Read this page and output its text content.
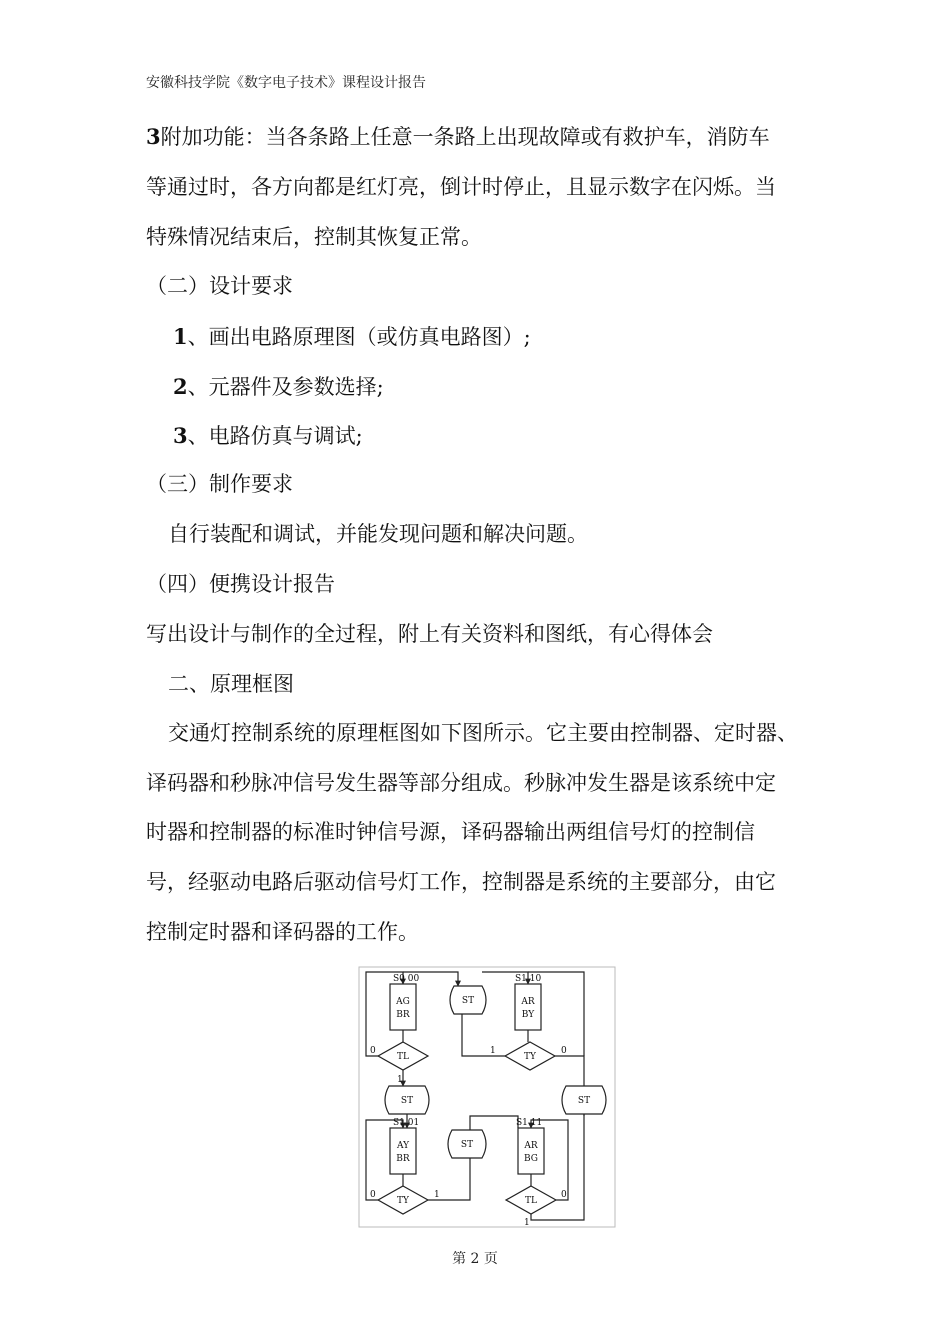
安徽科技学院《数字电子技术》课程设计报告
3附加功能：当各条路上任意一条路上出现故障或有救护车，消防车
等通过时，各方向都是红灯亮，倒计时停止，且显示数字在闪烁。当
特殊情况结束后，控制其恢复正常。
（二）设计要求
1、画出电路原理图（或仿真电路图）;
2、元器件及参数选择;
3、电路仿真与调试;
（三）制作要求
自行装配和调试，并能发现问题和解决问题。
（四）便携设计报告
写出设计与制作的全过程，附上有关资料和图纸，有心得体会
二、原理框图
交通灯控制系统的原理框图如下图所示。它主要由控制器、定时器、
译码器和秒脉冲信号发生器等部分组成。秒脉冲发生器是该系统中定
时器和控制器的标准时钟信号源，译码器输出两组信号灯的控制信
号，经驱动电路后驱动信号灯工作，控制器是系统的主要部分，由它
控制定时器和译码器的工作。
S0 00	S1 10
S1 01	S1 11
AG
BR
AR
BY
AY
BR
AR
BG
ST
ST	ST
ST
TL	TY
TY	TL
0
1
1	0
0	1	0
1
第 2 页
